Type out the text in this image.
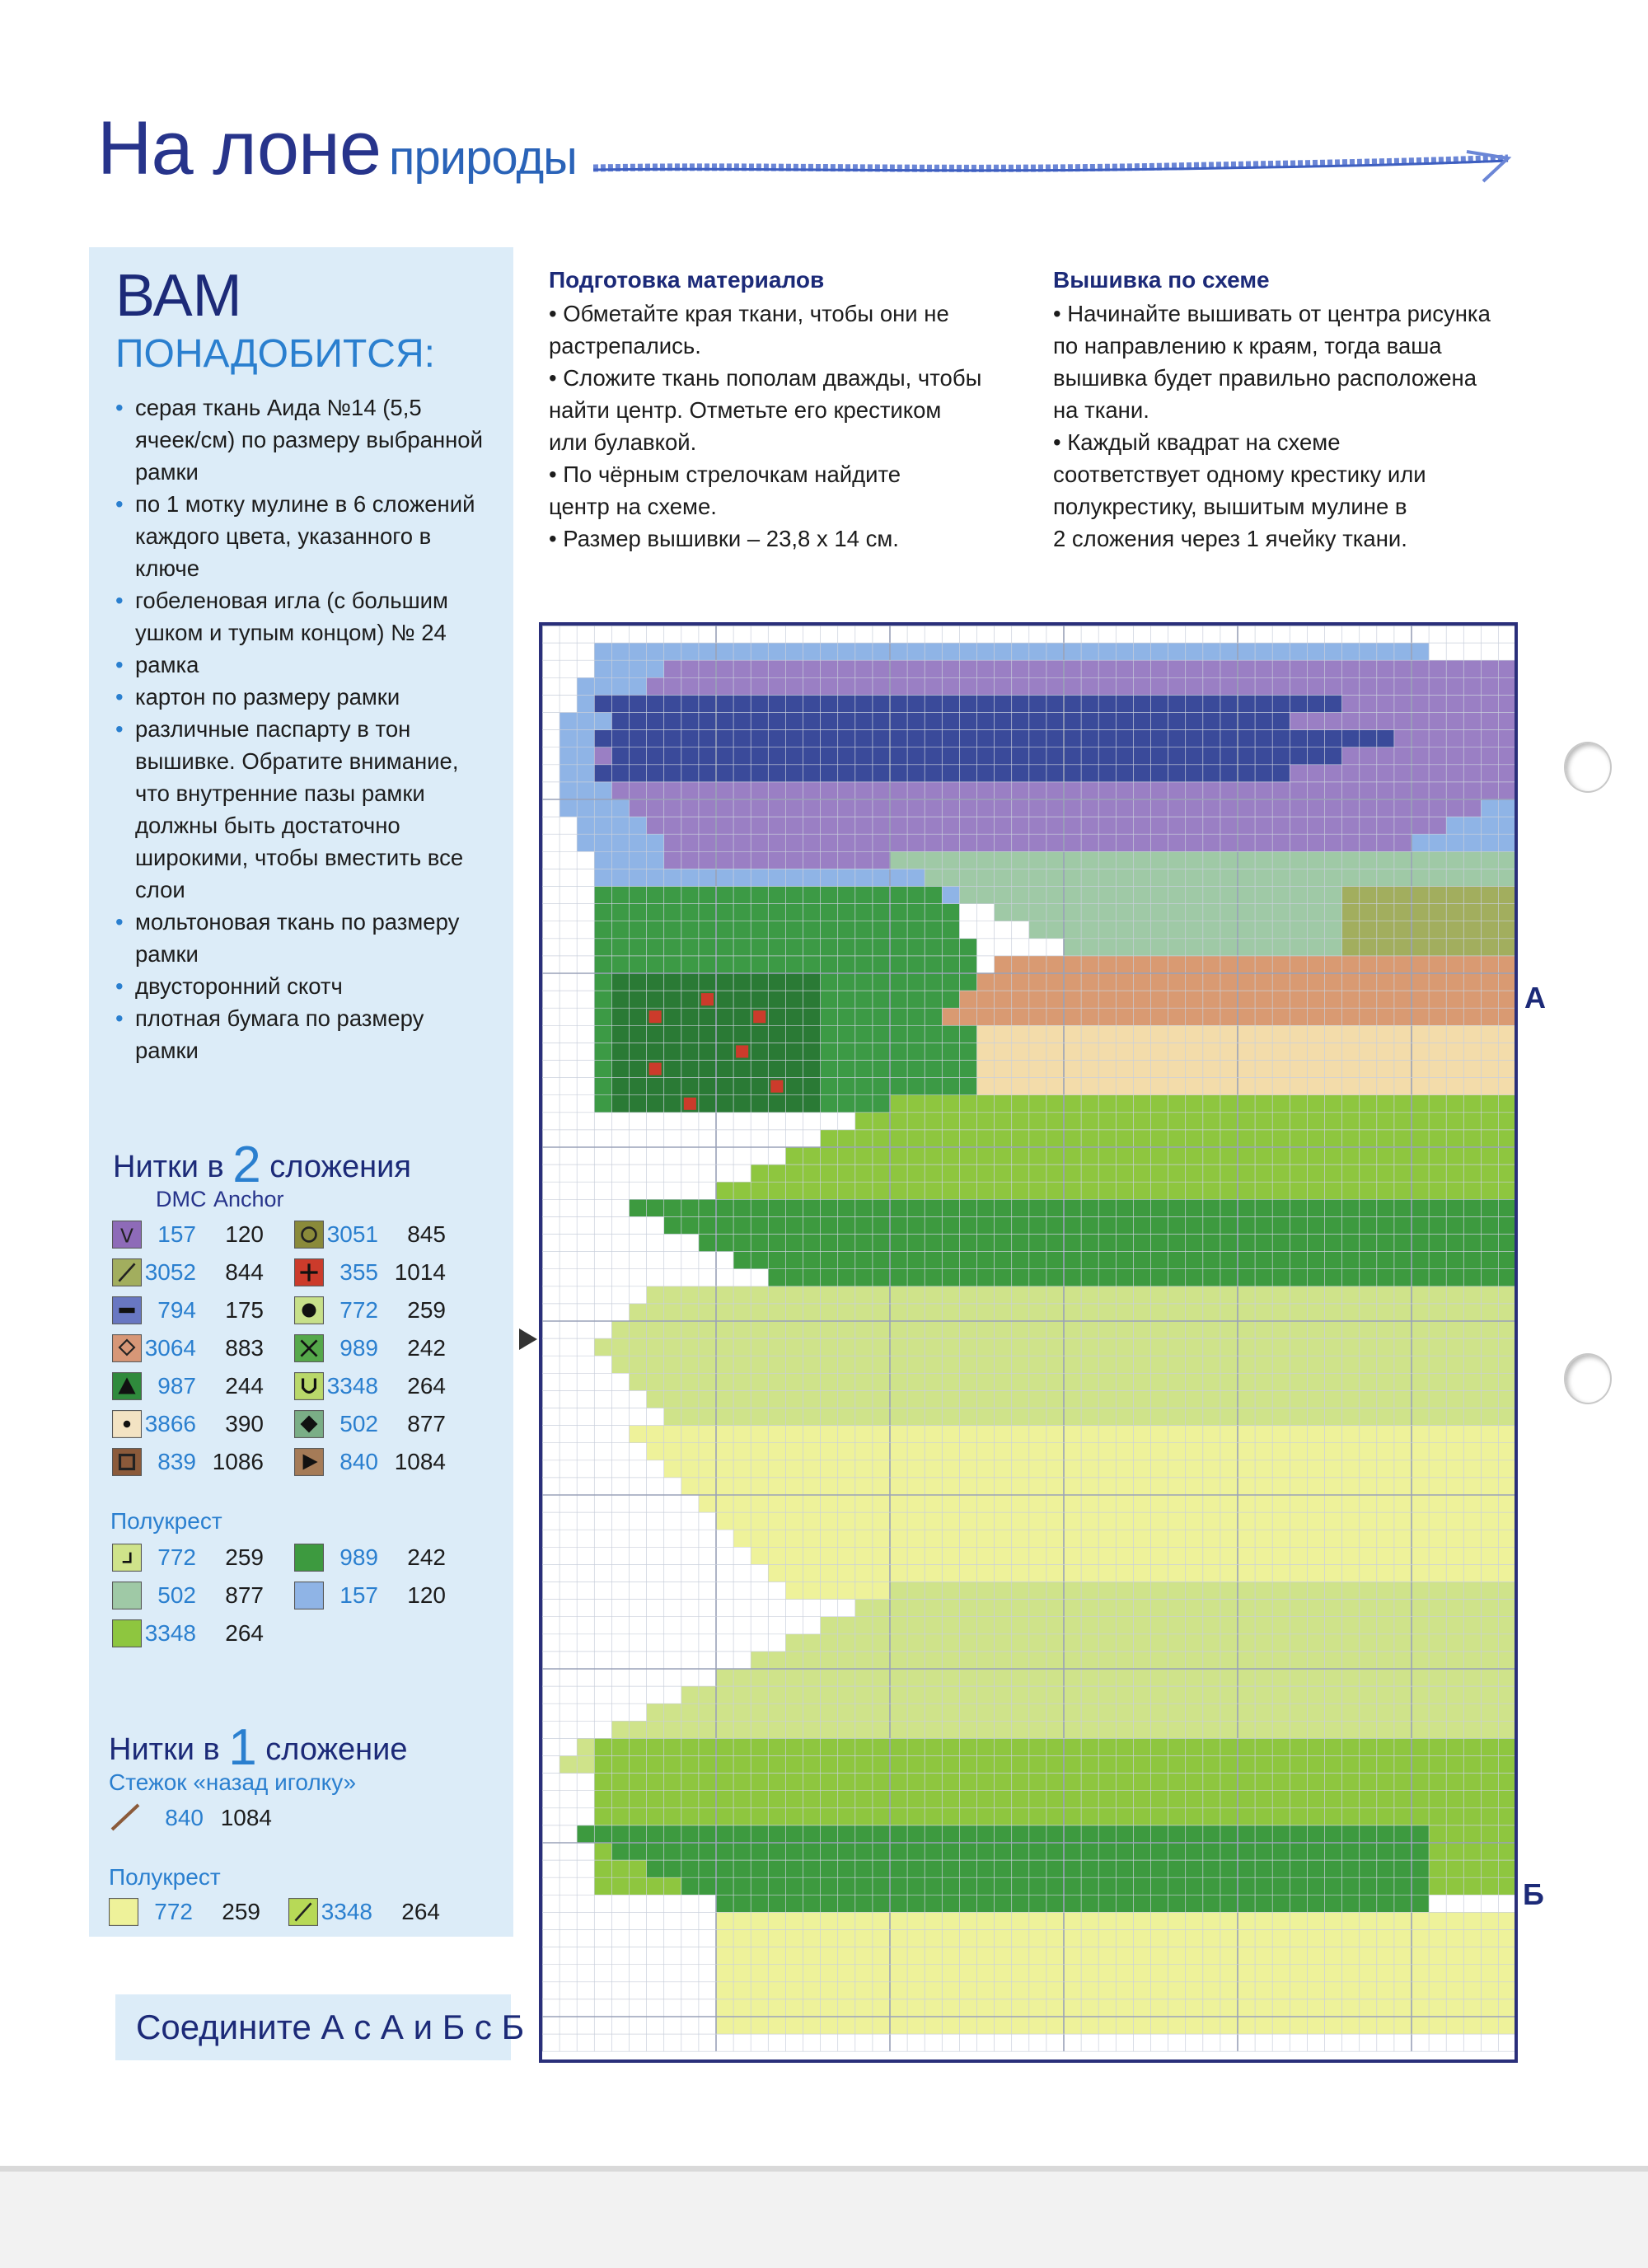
На лоне природы
ВАМ
ПОНАДОБИТСЯ:
• серая ткань Аида №14 (5,5 ячеек/см) по размеру выбранной рамки
• по 1 мотку мулине в 6 сложений каждого цвета, указанного в ключе
• гобеленовая игла (с большим ушком и тупым концом) № 24
• рамка
• картон по размеру рамки
• различные паспарту в тон вышивке. Обратите внимание, что внутренние пазы рамки должны быть достаточно широкими, чтобы вместить все слои
• мольтоновая ткань по размеру рамки
• двусторонний скотч
• плотная бумага по размеру рамки
Нитки в 2 сложения
DMC Anchor
V	157	120
3052	844
794	175
3064	883
987	244
3866	390
839 1086
3051	845
355 1014
772	259
989	242
3348	264
502	877
840 1084
Полукрест
772	259
502	877
3348	264
989	242
157	120
Нитки в 1 сложение
Стежок «назад иголку»
840 1084
Полукрест
772	259	3348	264
Соедините А с А и Б с Б
Подготовка материалов

• Обметайте края ткани, чтобы они не

растрепались.

• Сложите ткань пополам дважды, чтобы

найти центр. Отметьте его крестиком

или булавкой.

• По чёрным стрелочкам найдите

центр на схеме.

• Размер вышивки – 23,8 х 14 см.

Вышивка по схеме

• Начинайте вышивать от центра рисунка

по направлению к краям, тогда ваша

вышивка будет правильно расположена

на ткани.

• Каждый квадрат на схеме

соответствует одному крестику или

полукрестику, вышитым мулине в

2 сложения через 1 ячейку ткани.

А
Б
